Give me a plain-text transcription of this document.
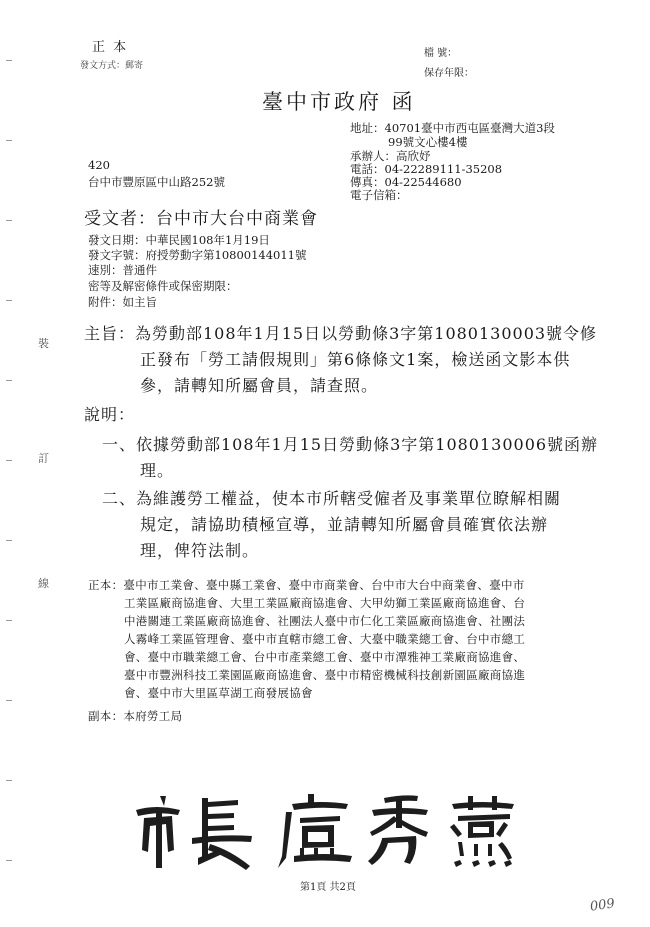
裝
訂
線
正 本
發文方式：郵寄
檔 號：
保存年限：
臺中市政府 函
地址：40701臺中市西屯區臺灣大道3段
99號文心樓4樓
承辦人：高欣妤
電話：04-22289111-35208
傳真：04-22544680
電子信箱：
420
台中市豐原區中山路252號
受文者：台中市大台中商業會
發文日期：中華民國108年1月19日
發文字號：府授勞動字第10800144011號
速別：普通件
密等及解密條件或保密期限：
附件：如主旨
主旨：為勞動部108年1月15日以勞動條3字第1080130003號令修
正發布「勞工請假規則」第6條條文1案，檢送函文影本供
參，請轉知所屬會員，請查照。
說明：
一、依據勞動部108年1月15日勞動條3字第1080130006號函辦
理。
二、為維護勞工權益，使本市所轄受僱者及事業單位瞭解相關
規定，請協助積極宣導，並請轉知所屬會員確實依法辦
理，俾符法制。
正本：臺中市工業會、臺中縣工業會、臺中市商業會、台中市大台中商業會、臺中市
工業區廠商協進會、大里工業區廠商協進會、大甲幼獅工業區廠商協進會、台
中港關連工業區廠商協進會、社團法人臺中市仁化工業區廠商協進會、社團法
人霧峰工業區管理會、臺中市直轄市總工會、大臺中職業總工會、台中市總工
會、臺中市職業總工會、台中市產業總工會、臺中市潭雅神工業廠商協進會、
臺中市豐洲科技工業園區廠商協進會、臺中市精密機械科技創新園區廠商協進
會、臺中市大里區草湖工商發展協會
副本：本府勞工局
第1頁 共2頁
009
